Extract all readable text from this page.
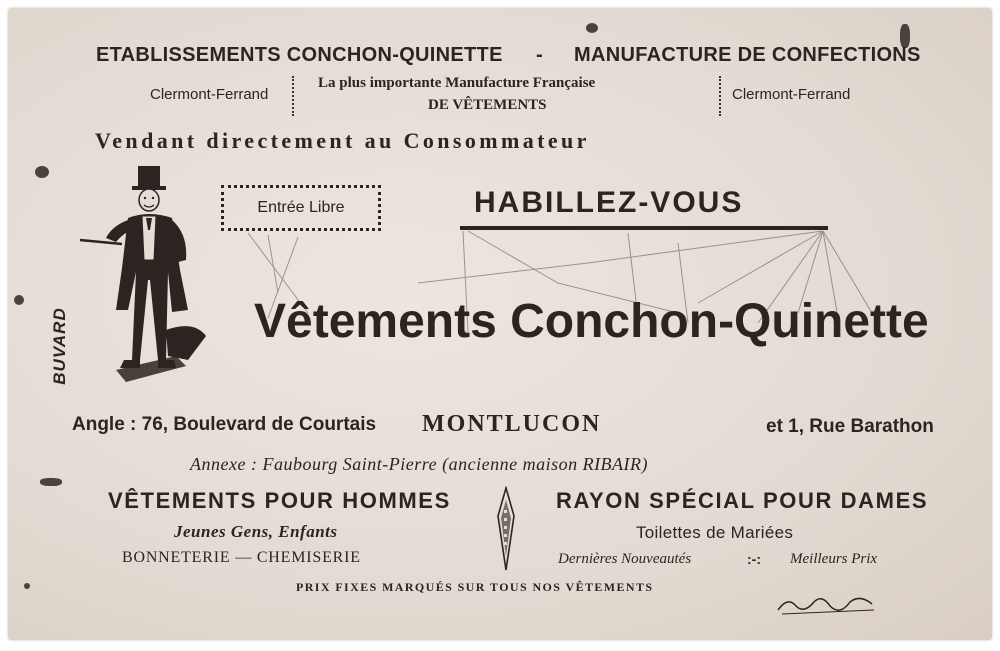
ETABLISSEMENTS CONCHON-QUINETTE - MANUFACTURE DE CONFECTIONS
Clermont-Ferrand
La plus importante Manufacture Française
DE VÊTEMENTS
Clermont-Ferrand
Vendant directement au Consommateur
BUVARD
Entrée Libre	HABILLEZ-VOUS
Vêtements Conchon-Quinette
Angle : 76, Boulevard de Courtais MONTLUCON	et 1, Rue Barathon
Annexe : Faubourg Saint-Pierre (ancienne maison RIBAIR)
VÊTEMENTS POUR HOMMES
Jeunes Gens, Enfants
BONNETERIE — CHEMISERIE
RAYON SPÉCIAL POUR DAMES
Toilettes de Mariées
Dernières Nouveautés	:-: Meilleurs Prix
PRIX FIXES MARQUÉS SUR TOUS NOS VÊTEMENTS
